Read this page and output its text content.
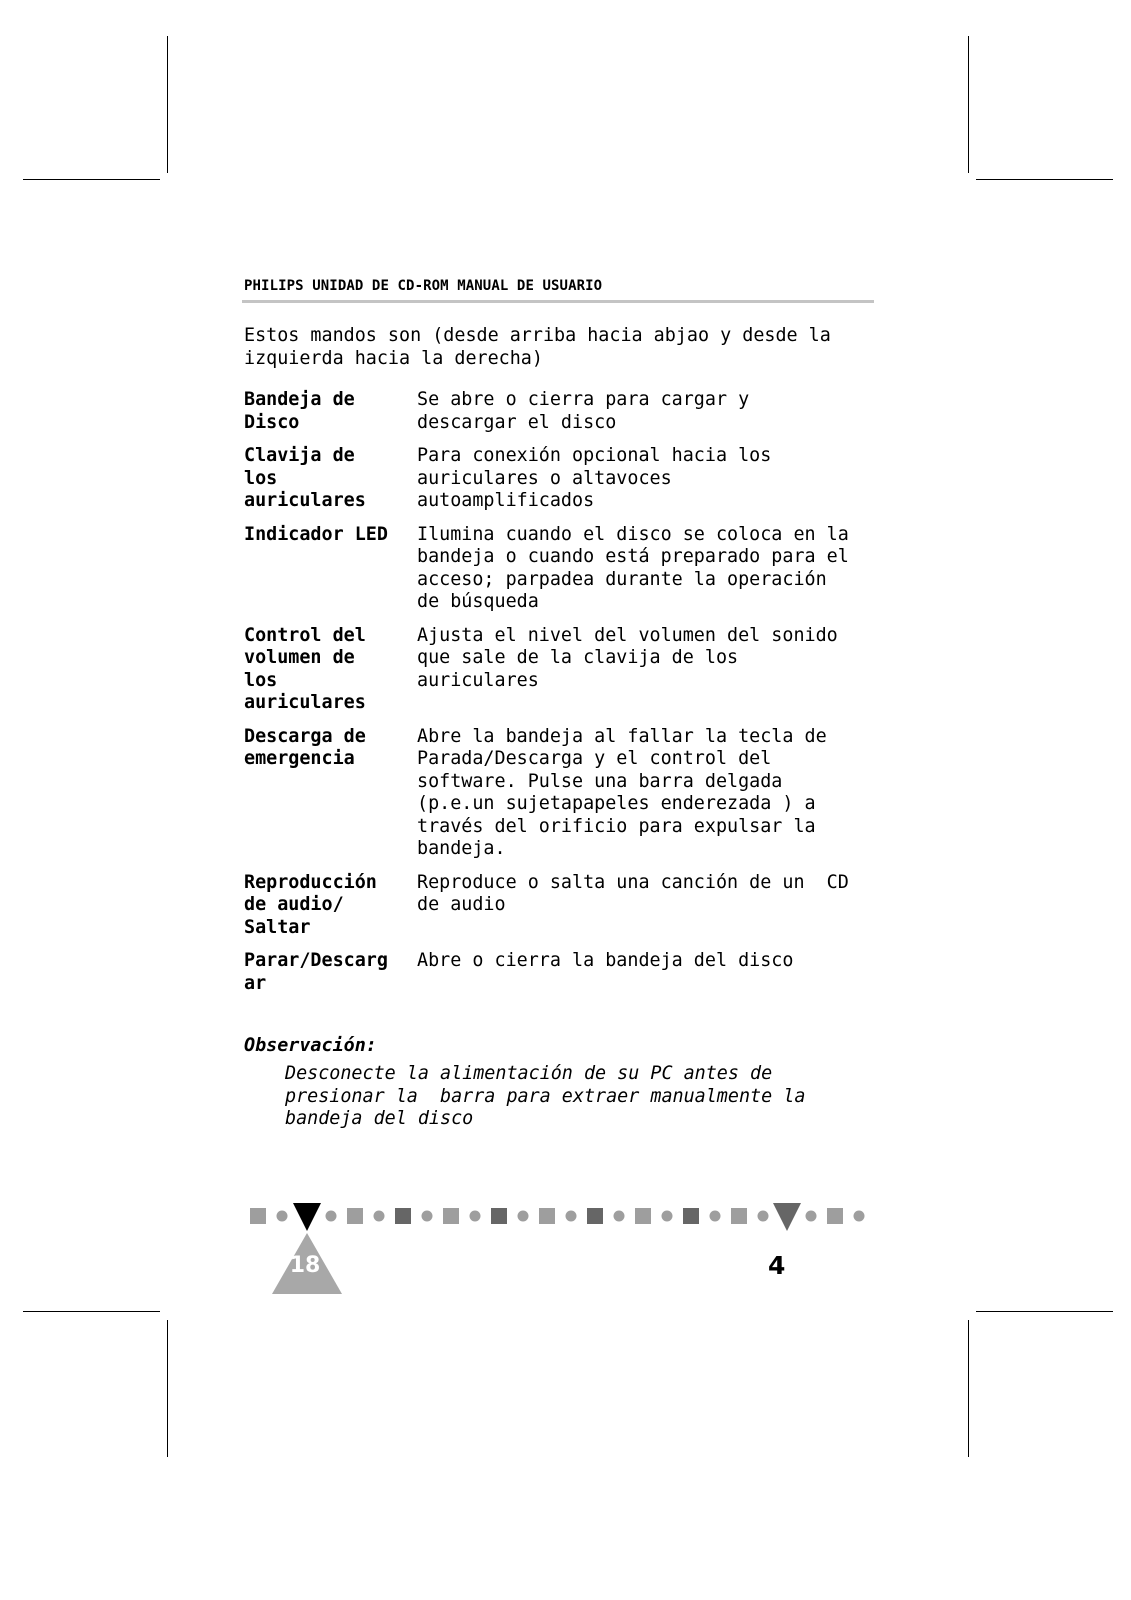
PHILIPS UNIDAD DE CD-ROM MANUAL DE USUARIO
Estos mandos son (desde arriba hacia abjao y desde la
izquierda hacia la derecha)
Bandeja de
Disco
Se abre o cierra para cargar y
descargar el disco
Clavija de
los
auriculares
Para conexión opcional hacia los
auriculares o altavoces
autoamplificados
Indicador LED	Ilumina cuando el disco se coloca en la
bandeja o cuando está preparado para el
acceso; parpadea durante la operación
de búsqueda
Control del
volumen de
los
auriculares
Ajusta el nivel del volumen del sonido
que sale de la clavija de los
auriculares
Descarga de
emergencia
Abre la bandeja al fallar la tecla de
Parada/Descarga y el control del
software. Pulse una barra delgada
(p.e.un sujetapapeles enderezada ) a
través del orificio para expulsar la
bandeja.
Reproducción
de audio/
Saltar
Reproduce o salta una canción de un  CD
de audio
Parar/Descarg
ar
Abre o cierra la bandeja del disco
Observación:
Desconecte la alimentación de su PC antes de
presionar la  barra para extraer manualmente la
bandeja del disco
18	4
